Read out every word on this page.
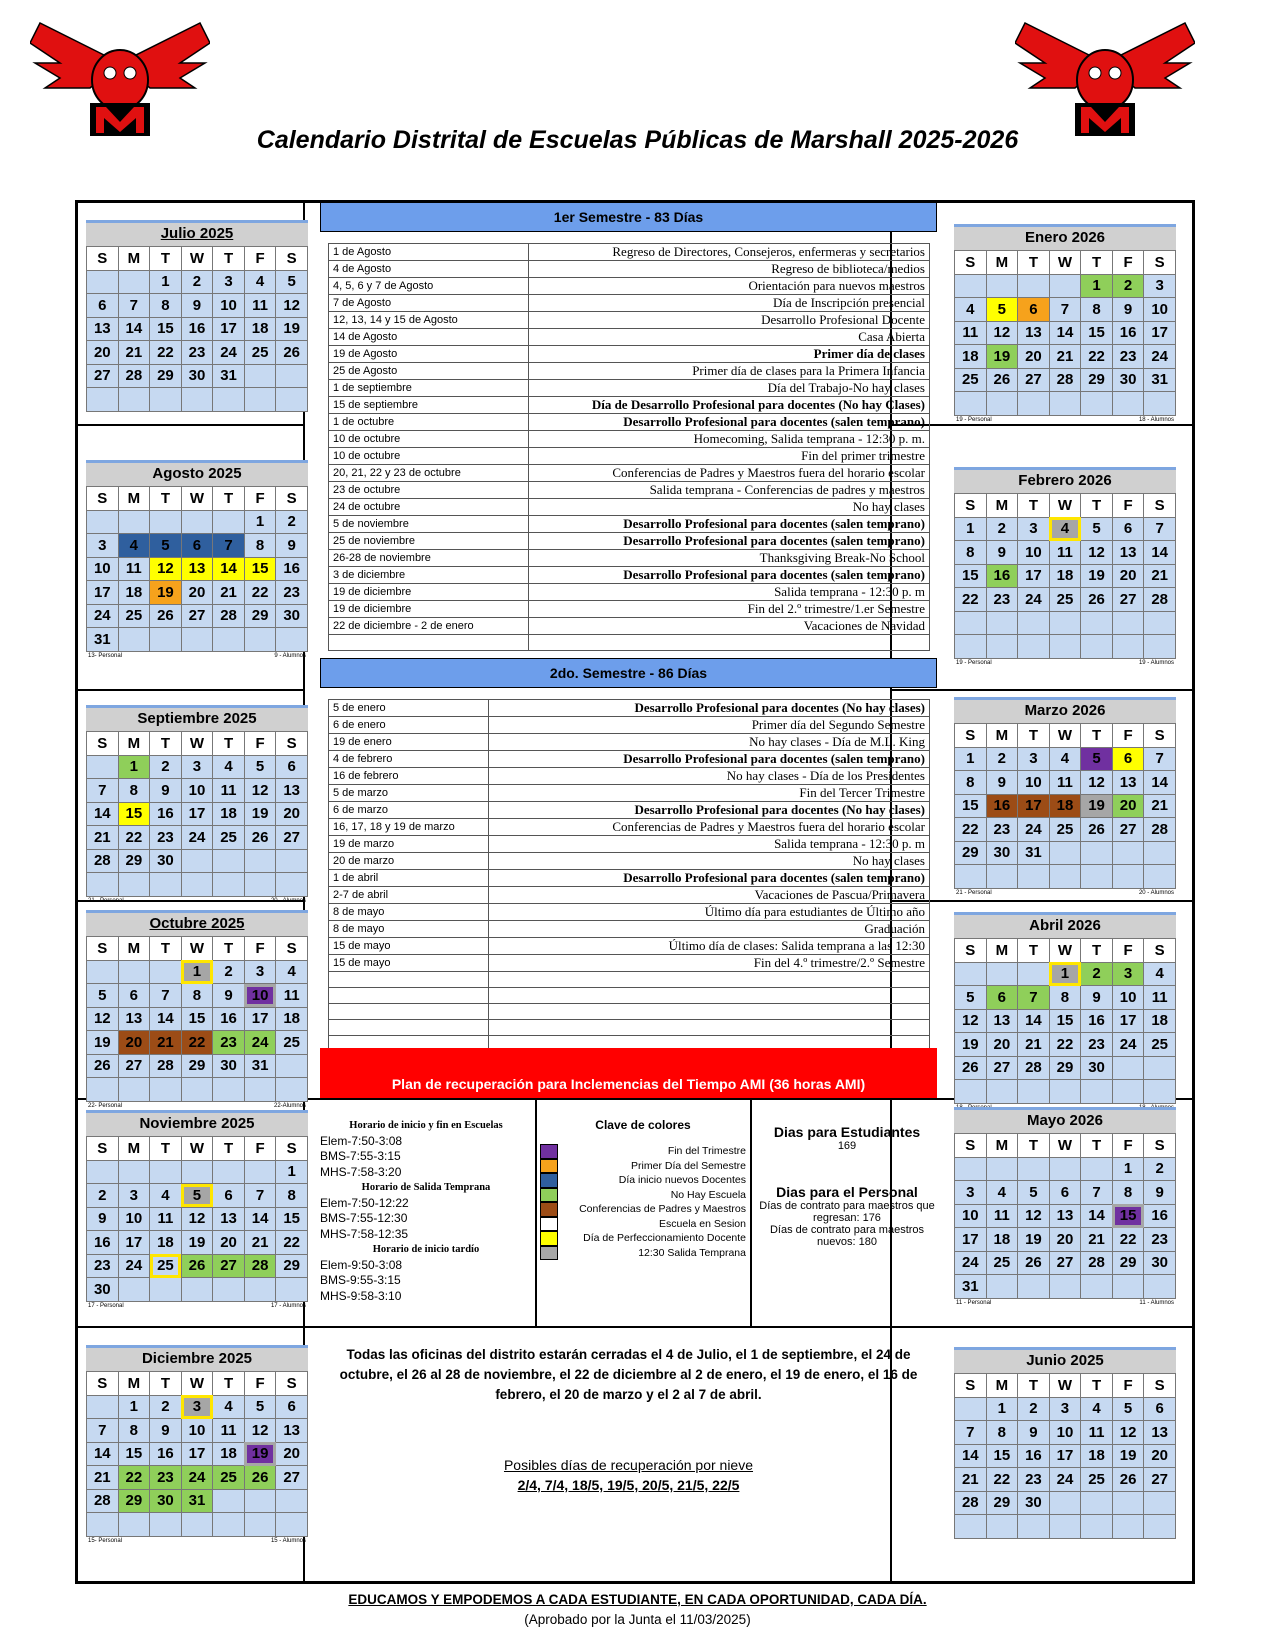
Calendario Distrital de Escuelas Públicas de Marshall 2025-2026
Julio 2025
S	M	T	W	T	F	S
		1	2	3	4	5
6	7	8	9	10	11	12
13	14	15	16	17	18	19
20	21	22	23	24	25	26
27	28	29	30	31		

Agosto 2025
S	M	T	W	T	F	S
					1	2
3	4	5	6	7	8	9
10	11	12	13	14	15	16
17	18	19	20	21	22	23
24	25	26	27	28	29	30
31						
13- Personal	9 - Alumnos
Septiembre 2025
S	M	T	W	T	F	S
	1	2	3	4	5	6
7	8	9	10	11	12	13
14	15	16	17	18	19	20
21	22	23	24	25	26	27
28	29	30				

21 - Personal	20 - Alumnos
Octubre 2025
S	M	T	W	T	F	S
			1	2	3	4
5	6	7	8	9	10	11
12	13	14	15	16	17	18
19	20	21	22	23	24	25
26	27	28	29	30	31	

22- Personal	22-Alumnos
Noviembre 2025
S	M	T	W	T	F	S
						1
2	3	4	5	6	7	8
9	10	11	12	13	14	15
16	17	18	19	20	21	22
23	24	25	26	27	28	29
30						
17 - Personal	17 - Alumnos
Diciembre 2025
S	M	T	W	T	F	S
	1	2	3	4	5	6
7	8	9	10	11	12	13
14	15	16	17	18	19	20
21	22	23	24	25	26	27
28	29	30	31			

15- Personal	15 - Alumnos
Enero 2026
S	M	T	W	T	F	S
				1	2	3
4	5	6	7	8	9	10
11	12	13	14	15	16	17
18	19	20	21	22	23	24
25	26	27	28	29	30	31

19 - Personal	18 - Alumnos
Febrero 2026
S	M	T	W	T	F	S
1	2	3	4	5	6	7
8	9	10	11	12	13	14
15	16	17	18	19	20	21
22	23	24	25	26	27	28

19 - Personal	19 - Alumnos
Marzo 2026
S	M	T	W	T	F	S
1	2	3	4	5	6	7
8	9	10	11	12	13	14
15	16	17	18	19	20	21
22	23	24	25	26	27	28
29	30	31				

21 - Personal	20 - Alumnos
Abril 2026
S	M	T	W	T	F	S
			1	2	3	4
5	6	7	8	9	10	11
12	13	14	15	16	17	18
19	20	21	22	23	24	25
26	27	28	29	30		

Mayo 2026
S	M	T	W	T	F	S
					1	2
3	4	5	6	7	8	9
10	11	12	13	14	15	16
17	18	19	20	21	22	23
24	25	26	27	28	29	30
31						
11 - Personal	11 - Alumnos
Junio 2025
S	M	T	W	T	F	S
	1	2	3	4	5	6
7	8	9	10	11	12	13
14	15	16	17	18	19	20
21	22	23	24	25	26	27
28	29	30				

1er Semestre - 83 Días
1 de Agosto	Regreso de Directores, Consejeros, enfermeras y secretarios
4 de Agosto	Regreso de biblioteca/medios
4, 5, 6 y 7 de Agosto	Orientación para nuevos maestros
7 de Agosto	Día de Inscripción presencial
12, 13, 14 y 15 de Agosto	Desarrollo Profesional Docente
14 de Agosto	Casa Abierta
19 de Agosto	Primer día de clases
25 de Agosto	Primer día de clases para la Primera Infancia
1 de septiembre	Día del Trabajo-No hay clases
15 de septiembre	Día de Desarrollo Profesional para docentes (No hay Clases)
1 de octubre	Desarrollo Profesional para docentes (salen temprano)
10 de octubre	Homecoming, Salida temprana - 12:30 p. m.
10 de octubre	Fin del primer trimestre
20, 21, 22 y 23 de octubre	Conferencias de Padres y Maestros fuera del horario escolar
23 de octubre	Salida temprana - Conferencias de padres y maestros
24 de octubre	No hay clases
5 de noviembre	Desarrollo Profesional para docentes (salen temprano)
25 de noviembre	Desarrollo Profesional para docentes (salen temprano)
26-28 de noviembre	Thanksgiving Break-No School
3 de diciembre	Desarrollo Profesional para docentes (salen temprano)
19 de diciembre	Salida temprana - 12:30 p. m
19 de diciembre	Fin del 2.º trimestre/1.er Semestre
22 de diciembre - 2 de enero	Vacaciones de Navidad

2do. Semestre - 86 Días
5 de enero	Desarrollo Profesional para docentes (No hay clases)
6 de enero	Primer día del Segundo Semestre
19 de enero	No hay clases - Día de M.L. King
4 de febrero	Desarrollo Profesional para docentes (salen temprano)
16 de febrero	No hay clases - Día de los Presidentes
5 de marzo	Fin del Tercer Trimestre
6 de marzo	Desarrollo Profesional para docentes (No hay clases)
16, 17, 18 y 19 de marzo	Conferencias de Padres y Maestros fuera del horario escolar
19 de marzo	Salida temprana - 12:30 p. m
20 de marzo	No hay clases
1 de abril	Desarrollo Profesional para docentes (salen temprano)
2-7 de abril	Vacaciones de Pascua/Primavera
8 de mayo	Último día para estudiantes de Último año
8 de mayo	Graduación
15 de mayo	Último día de clases: Salida temprana a las 12:30
15 de mayo	Fin del 4.º trimestre/2.º Semestre

Plan de recuperación para Inclemencias del Tiempo AMI (36 horas AMI)
Horario de inicio y fin en Escuelas
Elem-7:50-3:08
BMS-7:55-3:15
MHS-7:58-3:20
Horario de Salida Temprana
Elem-7:50-12:22
BMS-7:55-12:30
MHS-7:58-12:35
Horario de inicio tardío
Elem-9:50-3:08
BMS-9:55-3:15
MHS-9:58-3:10
Clave de colores
Fin del Trimestre
Primer Día del Semestre
Día inicio nuevos Docentes
No Hay Escuela
Conferencias de Padres y Maestros
Escuela en Sesion
Día de Perfeccionamiento Docente
12:30 Salida Temprana
Dias para Estudiantes
169
Dias para el Personal
Días de contrato para maestros que regresan: 176
Días de contrato para maestros nuevos: 180
Todas las oficinas del distrito estarán cerradas el 4 de Julio, el 1 de septiembre, el 24 de octubre, el 26 al 28 de noviembre, el 22 de diciembre al 2 de enero, el 19 de enero, el 16 de febrero, el 20 de marzo y el 2 al 7 de abril.
Posibles días de recuperación por nieve
2/4, 7/4, 18/5, 19/5, 20/5, 21/5, 22/5
EDUCAMOS Y EMPODEMOS A CADA ESTUDIANTE, EN CADA OPORTUNIDAD, CADA DÍA.
(Aprobado por la Junta el 11/03/2025)
